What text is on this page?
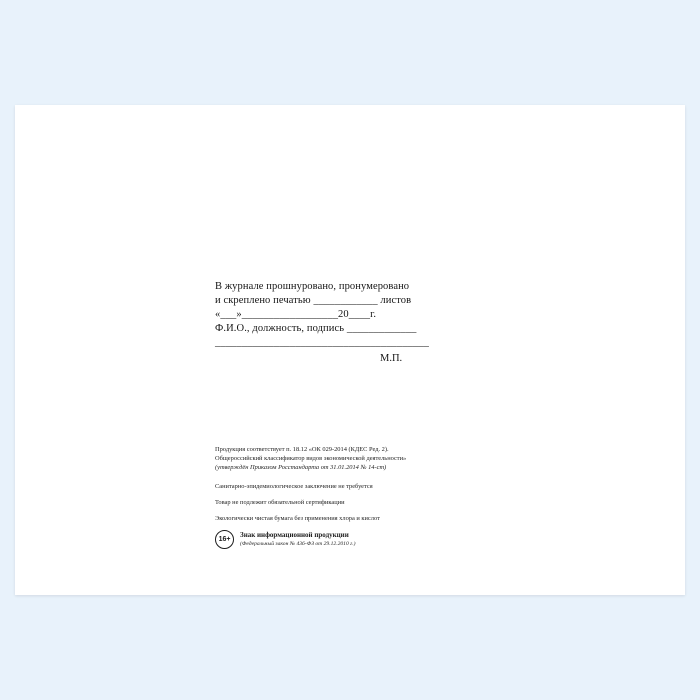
В журнале прошнуровано, пронумеровано
и скреплено печатью ____________ листов
«___»__________________20____г.
Ф.И.О., должность, подпись _____________
________________________________________
М.П.
Продукция соответствует п. 18.12 «ОК 029-2014 (КДЕС Ред. 2).
Общероссийский классификатор видов экономической деятельности»
(утверждён Приказом Росстандарта от 31.01.2014 № 14-ст)
Санитарно-эпидемиологическое заключение не требуется
Товар не подлежит обязательной сертификации
Экологически чистая бумага без применения хлора и кислот
16+
Знак информационной продукции
(Федеральный закон № 436-ФЗ от 29.12.2010 г.)
